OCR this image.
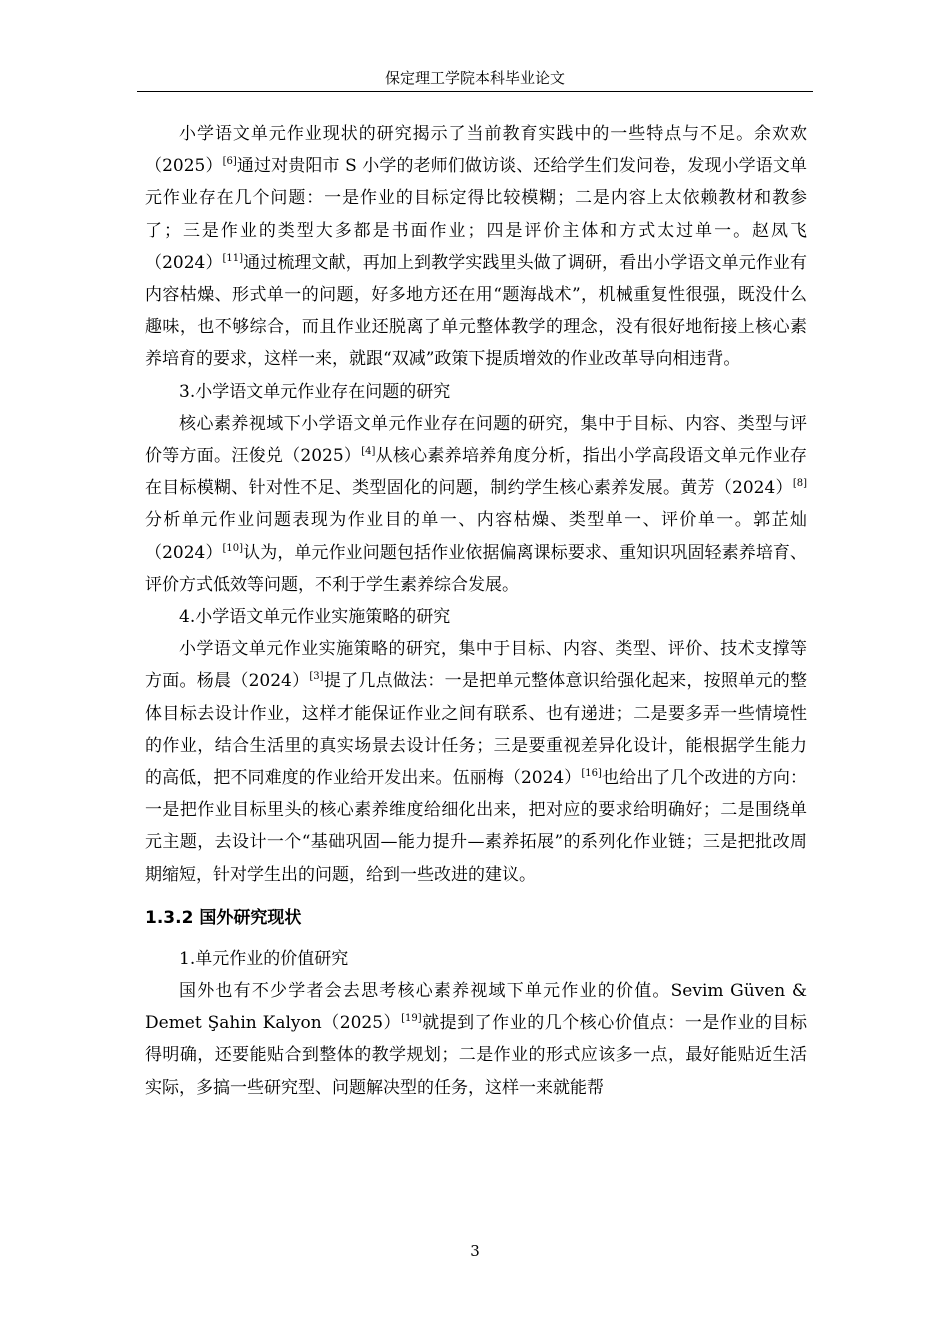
保定理工学院本科毕业论文

小学语文单元作业现状的研究揭示了当前教育实践中的一些特点与不足。余欢欢（2025）[6]通过对贵阳市 S 小学的老师们做访谈、还给学生们发问卷，发现小学语文单元作业存在几个问题：一是作业的目标定得比较模糊；二是内容上太依赖教材和教参了；三是作业的类型大多都是书面作业；四是评价主体和方式太过单一。赵凤飞（2024）[11]通过梳理文献，再加上到教学实践里头做了调研，看出小学语文单元作业有内容枯燥、形式单一的问题，好多地方还在用“题海战术”，机械重复性很强，既没什么趣味，也不够综合，而且作业还脱离了单元整体教学的理念，没有很好地衔接上核心素养培育的要求，这样一来，就跟“双减”政策下提质增效的作业改革导向相违背。

3.小学语文单元作业存在问题的研究

核心素养视域下小学语文单元作业存在问题的研究，集中于目标、内容、类型与评价等方面。汪俊兑（2025）[4]从核心素养培养角度分析，指出小学高段语文单元作业存在目标模糊、针对性不足、类型固化的问题，制约学生核心素养发展。黄芳（2024）[8]分析单元作业问题表现为作业目的单一、内容枯燥、类型单一、评价单一。郭芷灿（2024）[10]认为，单元作业问题包括作业依据偏离课标要求、重知识巩固轻素养培育、评价方式低效等问题，不利于学生素养综合发展。

4.小学语文单元作业实施策略的研究

小学语文单元作业实施策略的研究，集中于目标、内容、类型、评价、技术支撑等方面。杨晨（2024）[3]提了几点做法：一是把单元整体意识给强化起来，按照单元的整体目标去设计作业，这样才能保证作业之间有联系、也有递进；二是要多弄一些情境性的作业，结合生活里的真实场景去设计任务；三是要重视差异化设计，能根据学生能力的高低，把不同难度的作业给开发出来。伍丽梅（2024）[16]也给出了几个改进的方向：一是把作业目标里头的核心素养维度给细化出来，把对应的要求给明确好；二是围绕单元主题，去设计一个“基础巩固—能力提升—素养拓展”的系列化作业链；三是把批改周期缩短，针对学生出的问题，给到一些改进的建议。

1.3.2 国外研究现状

1.单元作业的价值研究

国外也有不少学者会去思考核心素养视域下单元作业的价值。Sevim Güven & Demet Şahin Kalyon（2025）[19]就提到了作业的几个核心价值点：一是作业的目标得明确，还要能贴合到整体的教学规划；二是作业的形式应该多一点，最好能贴近生活实际，多搞一些研究型、问题解决型的任务，这样一来就能帮

3
